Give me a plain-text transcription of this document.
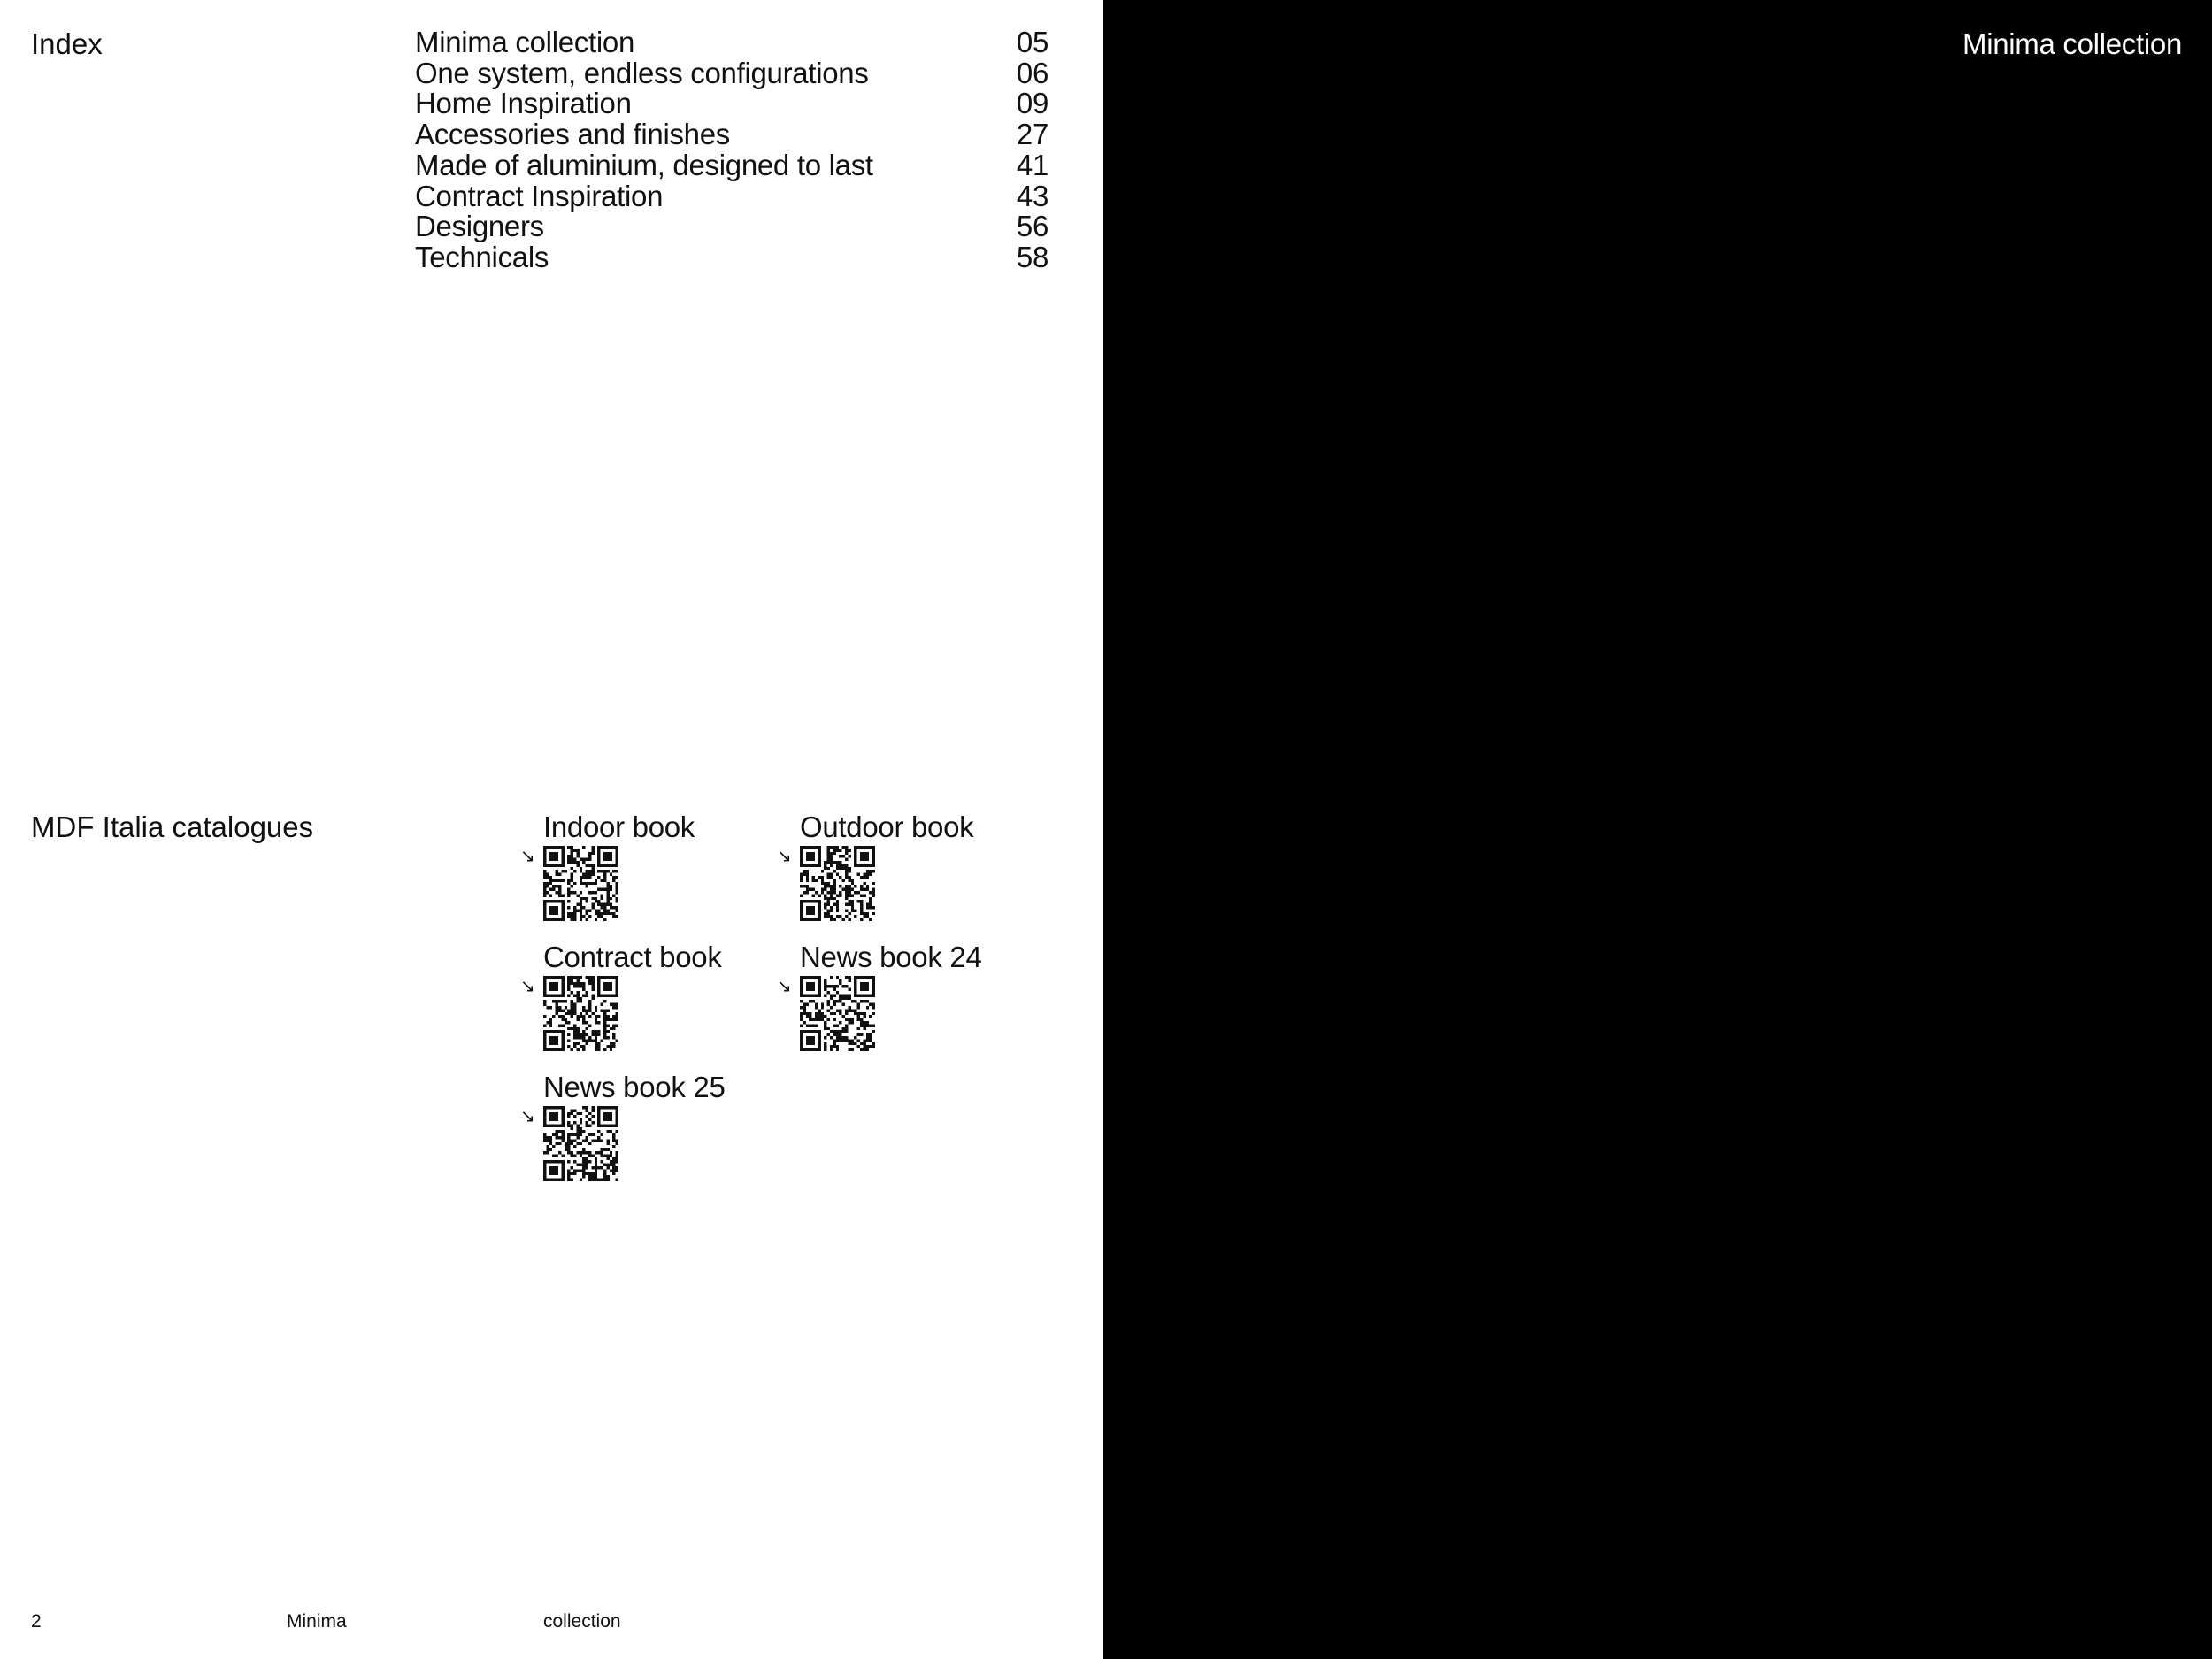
Index	Minima collection	05
One system, endless configurations	06
Home Inspiration	09
Accessories and finishes	27
Made of aluminium, designed to last	41
Contract Inspiration	43
Designers	56
Technicals	58
MDF Italia catalogues	Indoor book
↘
Outdoor book
↘
Contract book
↘
News book 24
↘
News book 25
↘
2	Minima	collection
Minima collection
